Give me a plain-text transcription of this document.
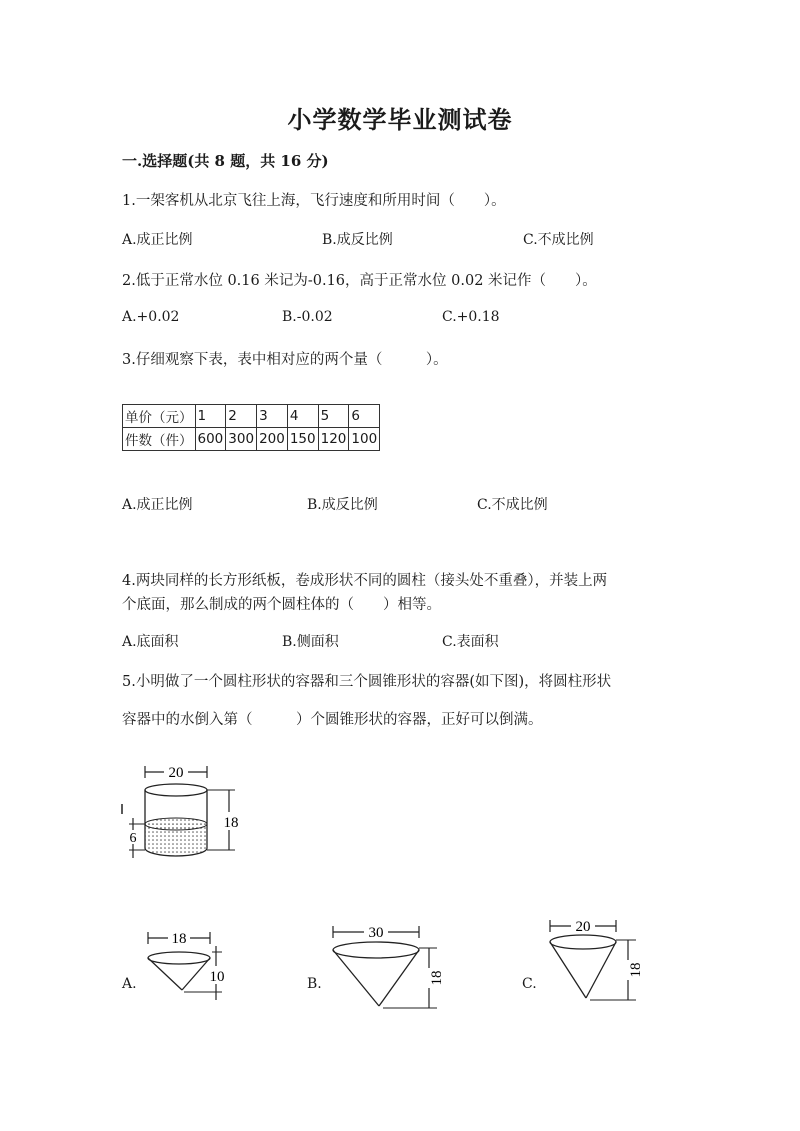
小学数学毕业测试卷
一.选择题(共 8 题，共 16 分)
1.一架客机从北京飞往上海，飞行速度和所用时间（　　）。
A.成正比例	B.成反比例	C.不成比例
2.低于正常水位 0.16 米记为-0.16，高于正常水位 0.02 米记作（　　）。
A.+0.02	B.-0.02	C.+0.18
3.仔细观察下表，表中相对应的两个量（　　　）。
单价（元）	1	2	3	4	5	6
件数（件）	600	300	200	150	120	100
A.成正比例	B.成反比例	C.不成比例
4.两块同样的长方形纸板，卷成形状不同的圆柱（接头处不重叠），并装上两
个底面，那么制成的两个圆柱体的（　　）相等。
A.底面积	B.侧面积	C.表面积
5.小明做了一个圆柱形状的容器和三个圆锥形状的容器(如下图)，将圆柱形状
容器中的水倒入第（　　　）个圆锥形状的容器，正好可以倒满。
20
18
6
A.
18
10	B.
30
18	C.
20
18
